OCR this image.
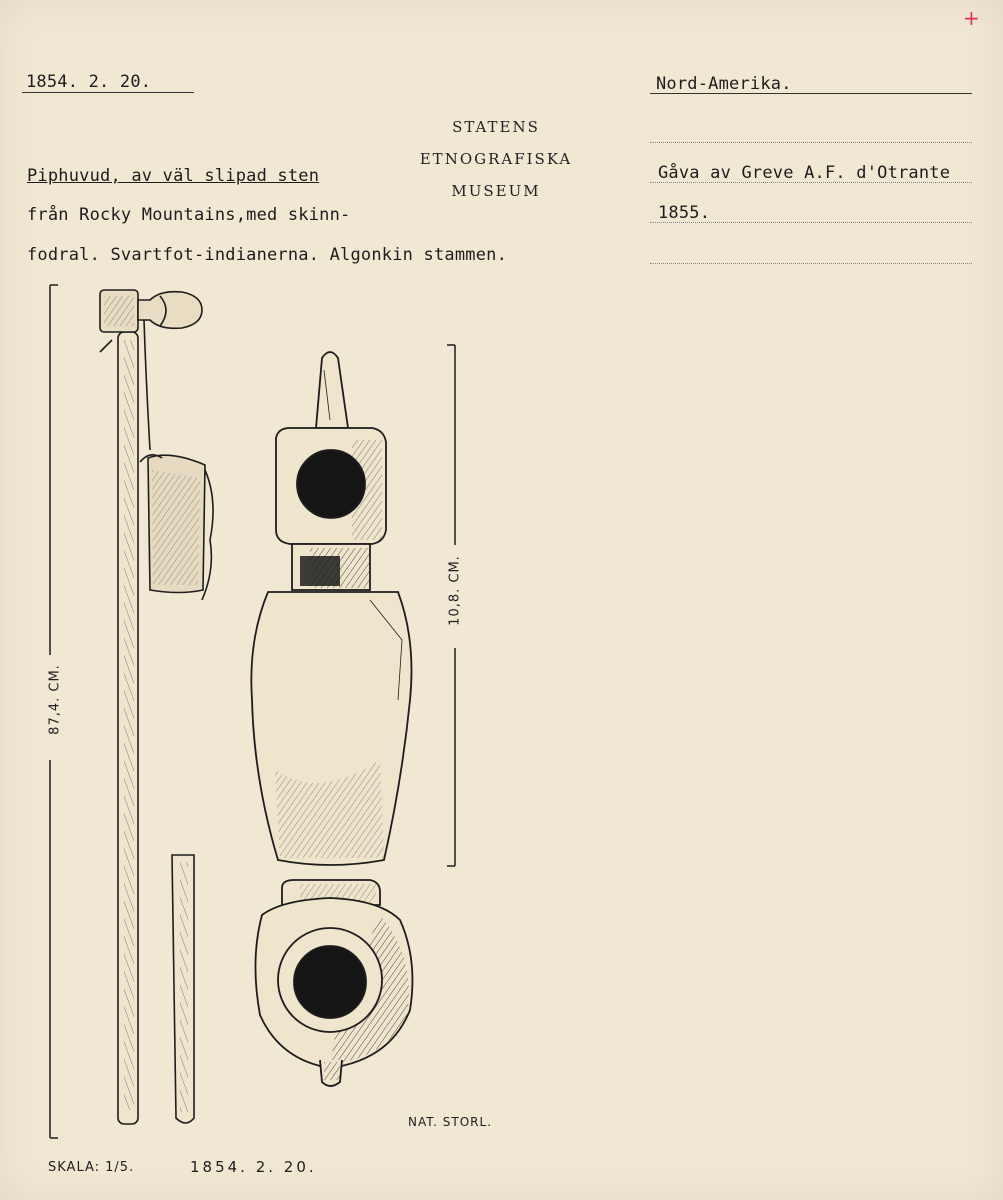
+
1854. 2. 20.	Nord-Amerika.
STATENS
ETNOGRAFISKA
MUSEUM
Piphuvud, av väl slipad sten
från Rocky Mountains,med skinn-
fodral. Svartfot-indianerna. Algonkin stammen.
Gåva av Greve A.F. d'Otrante
1855.
87,4. CM.
10,8. CM.
NAT. STORL.
SKALA: 1/5.	1854. 2. 20.
